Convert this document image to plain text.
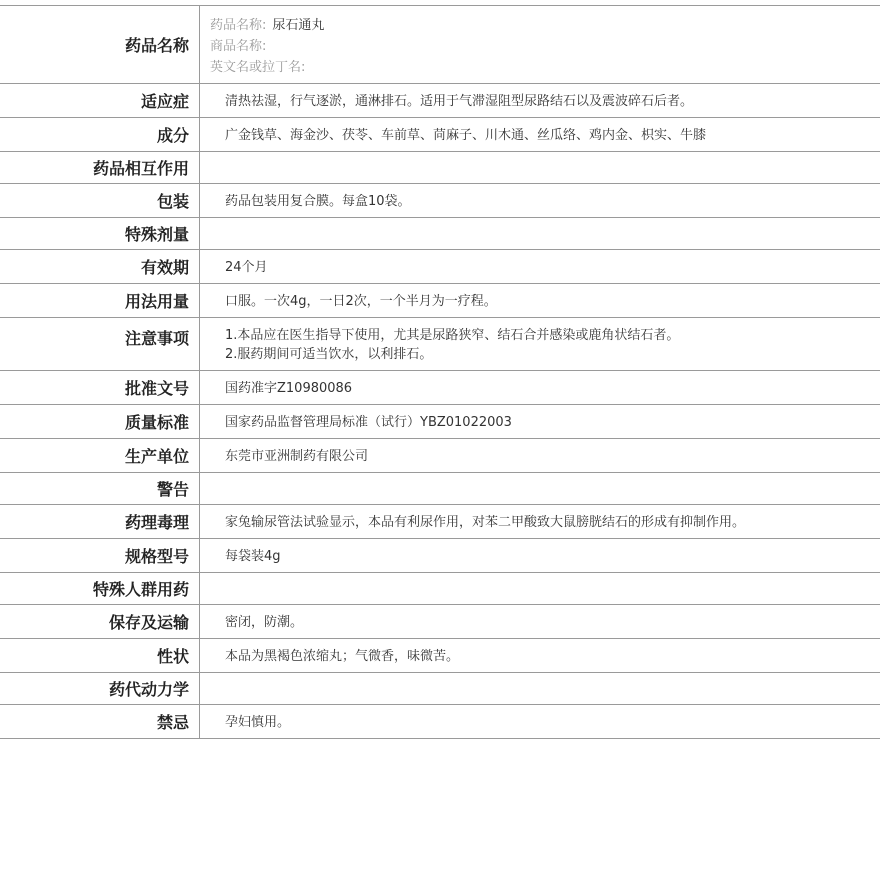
药品名称
药品名称: 尿石通丸
商品名称:
英文名或拉丁名:
适应症	清热祛湿，行气逐淤，通淋排石。适用于气滞湿阻型尿路结石以及震波碎石后者。
成分	广金钱草、海金沙、茯苓、车前草、苘麻子、川木通、丝瓜络、鸡内金、枳实、牛膝
药品相互作用
包装	药品包装用复合膜。每盒10袋。
特殊剂量
有效期	24个月
用法用量	口服。一次4g，一日2次，一个半月为一疗程。
注意事项	1.本品应在医生指导下使用，尤其是尿路狭窄、结石合并感染或鹿角状结石者。
2.服药期间可适当饮水，以利排石。
批准文号	国药准字Z10980086
质量标准	国家药品监督管理局标准（试行）YBZ01022003
生产单位	东莞市亚洲制药有限公司
警告
药理毒理	家兔输尿管法试验显示，本品有利尿作用，对苯二甲酸致大鼠膀胱结石的形成有抑制作用。
规格型号	每袋装4g
特殊人群用药
保存及运输	密闭，防潮。
性状	本品为黑褐色浓缩丸；气微香，味微苦。
药代动力学
禁忌	孕妇慎用。
